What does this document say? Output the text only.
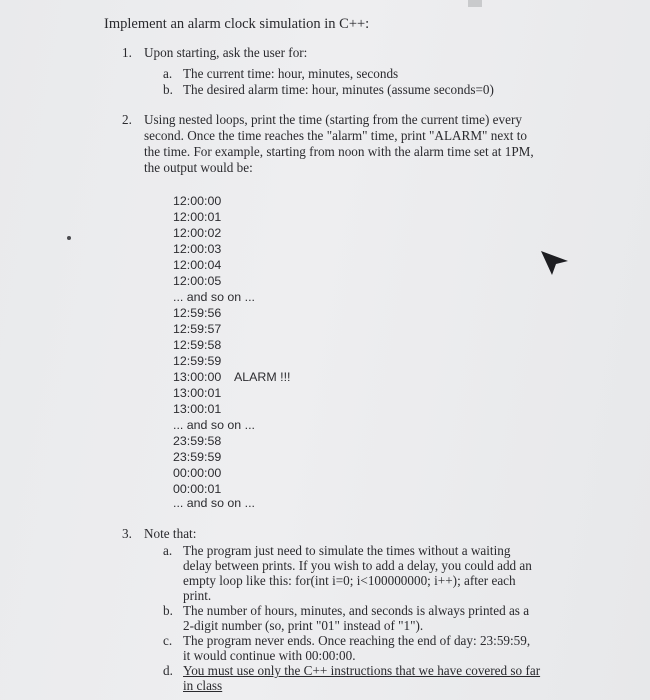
Implement an alarm clock simulation in C++:
1. Upon starting, ask the user for:
a. The current time: hour, minutes, seconds
b. The desired alarm time: hour, minutes (assume seconds=0)
2. Using nested loops, print the time (starting from the current time) every
second. Once the time reaches the "alarm" time, print "ALARM" next to
the time. For example, starting from noon with the alarm time set at 1PM,
the output would be:
12:00:00
12:00:01
12:00:02
12:00:03
12:00:04
12:00:05
... and so on ...
12:59:56
12:59:57
12:59:58
12:59:59
13:00:00 ALARM !!!
13:00:01
13:00:01
... and so on ...
23:59:58
23:59:59
00:00:00
00:00:01
... and so on ...
3. Note that:
a. The program just need to simulate the times without a waiting
delay between prints. If you wish to add a delay, you could add an
empty loop like this: for(int i=0; i<100000000; i++); after each
print.
b. The number of hours, minutes, and seconds is always printed as a
2-digit number (so, print "01" instead of "1").
c. The program never ends. Once reaching the end of day: 23:59:59,
it would continue with 00:00:00.
d. You must use only the C++ instructions that we have covered so far
in class
